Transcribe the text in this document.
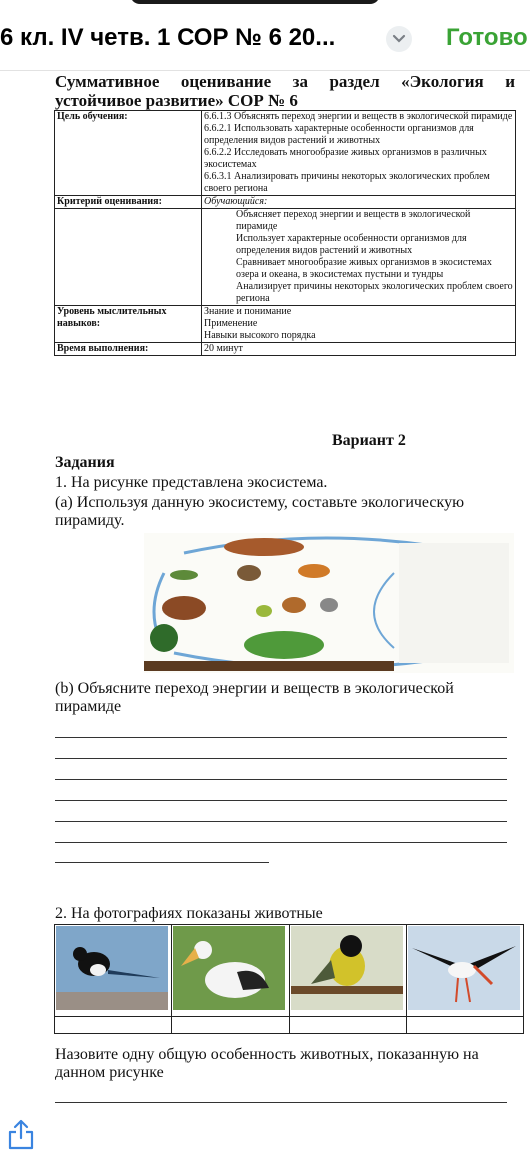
6 кл. IV четв. 1 СОР № 6 20...	Готово
Суммативное оценивание за раздел «Экология и устойчивое развитие» СОР № 6
Цель обучения:	6.6.1.3 Объяснять переход энергии и веществ в экологической пирамиде
6.6.2.1 Использовать характерные особенности организмов для определения видов растений и животных
6.6.2.2 Исследовать многообразие живых организмов в различных экосистемах
6.6.3.1 Анализировать причины некоторых экологических проблем своего региона

Критерий оценивания:	Обучающийся:

	Объясняет переход энергии и веществ в экологической пирамиде
Использует характерные особенности организмов для определения видов растений и животных
Сравнивает многообразие живых организмов в экосистемах озера и океана, в экосистемах пустыни и тундры
Анализирует причины некоторых экологических проблем своего региона

Уровень мыслительных навыков:	Знание и понимание
Применение
Навыки высокого порядка

Время выполнения:	20 минут
Вариант 2
Задания
1. На рисунке представлена экосистема.
(a) Используя данную экосистему, составьте экологическую пирамиду.
(b) Объясните переход энергии и веществ в экологической пирамиде
2. На фотографиях показаны животные

Назовите одну общую особенность животных, показанную на данном рисунке
